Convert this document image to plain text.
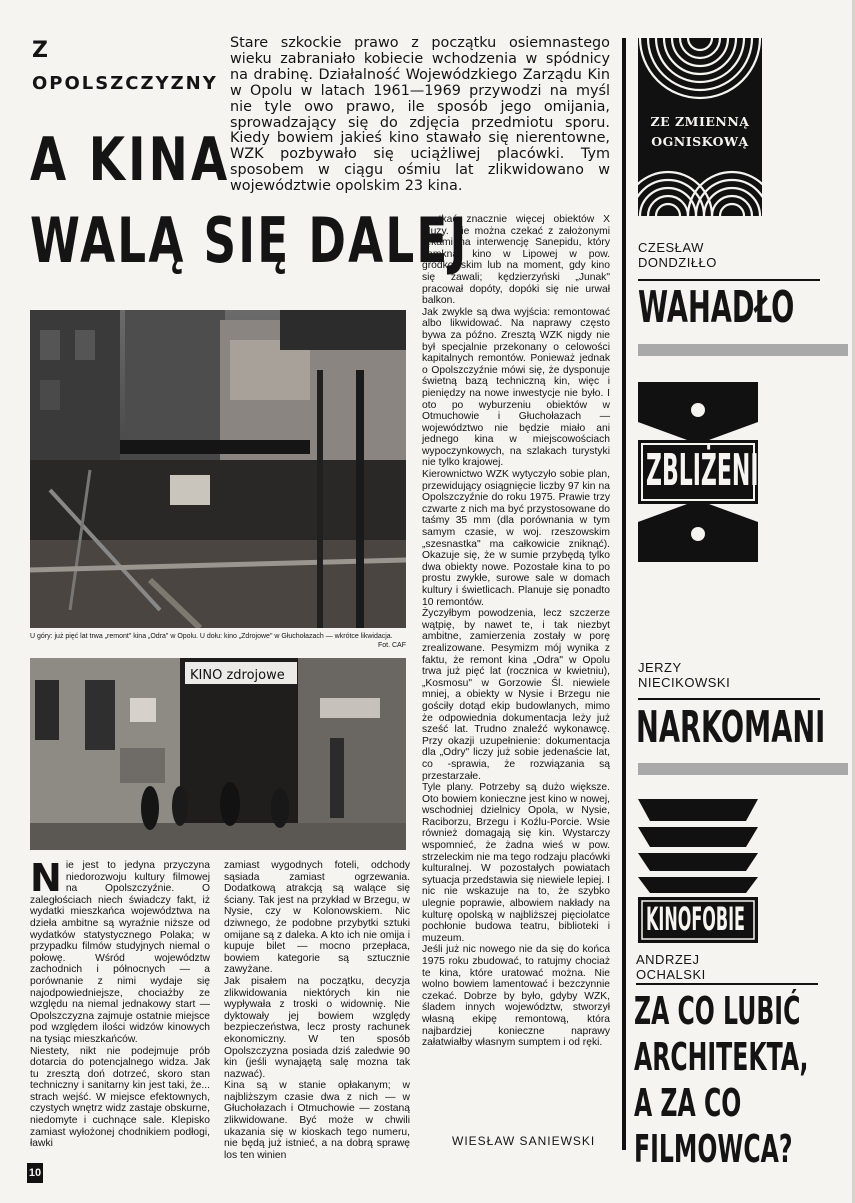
Z
OPOLSZCZYZNY
A KINA
WALĄ SIĘ DALEJ
Stare szkockie prawo z początku osiemnastego wieku zabraniało kobiecie wchodzenia w spódnicy na drabinę. Działalność Wojewódzkiego Zarządu Kin w Opolu w latach 1961—1969 przywodzi na myśl nie tyle owo prawo, ile sposób jego omijania, sprowadzający się do zdjęcia przedmiotu sporu. Kiedy bowiem jakieś kino stawało się nierentowne, WZK pozbywało się uciążliwej placówki. Tym sposobem w ciągu ośmiu lat zlikwidowano w województwie opolskim 23 kina.
U góry: już pięć lat trwa „remont" kina „Odra" w Opolu. U dołu: kino „Zdrojowe" w Głuchołazach — wkrótce likwidacja.
Fot. CAF
KINO zdrojowe
Nie jest to jedyna przyczyna niedorozwoju kultury filmowej na Opolszczyźnie. O zaległościach niech świadczy fakt, iż wydatki mieszkańca województwa na dzieła ambitne są wyraźnie niższe od wydatków statystycznego Polaka; w przypadku filmów studyjnych niemal o połowę. Wśród województw zachodnich i północnych — a porównanie z nimi wydaje się najodpowiedniejsze, chociażby ze względu na niemal jednakowy start — Opolszczyzna zajmuje ostatnie miejsce pod względem ilości widzów kinowych na tysiąc mieszkańców.
Niestety, nikt nie podejmuje prób dotarcia do potencjalnego widza. Jak tu zresztą doń dotrzeć, skoro stan techniczny i sanitarny kin jest taki, że... strach wejść. W miejsce efektownych, czystych wnętrz widz zastaje obskurne, niedomyte i cuchnące sale. Klepisko zamiast wyłożonej chodnikiem podłogi, ławki
zamiast wygodnych foteli, odchody sąsiada zamiast ogrzewania. Dodatkową atrakcją są walące się ściany. Tak jest na przykład w Brzegu, w Nysie, czy w Kolonowskiem. Nic dziwnego, że podobne przybytki sztuki omijane są z daleka. A kto ich nie omija i kupuje bilet — mocno przepłaca, bowiem kategorie są sztucznie zawyżane.
Jak pisałem na początku, decyzja zlikwidowania niektórych kin nie wypływała z troski o widownię. Nie dyktowały jej bowiem względy bezpieczeństwa, lecz prosty rachunek ekonomiczny. W ten sposób Opolszczyzna posiada dziś zaledwie 90 kin (jeśli wynająętą salę mozna tak nazwać).
Kina są w stanie opłakanym; w najbliższym czasie dwa z nich — w Głuchołazach i Otmuchowie — zostaną zlikwidowane. Być może w chwili ukazania się w kioskach tego numeru, nie będą już istnieć, a na dobrą sprawę los ten winien
spotkać znacznie więcej obiektów X Muzy. Nie można czekać z założonymi rękami na interwencję Sanepidu, który zamknął kino w Lipowej w pow. grodkowskim lub na moment, gdy kino się zawali; kędzierzyński „Junak" pracował dopóty, dopóki się nie urwał balkon.
Jak zwykle są dwa wyjścia: remontować albo likwidować. Na naprawy często bywa za późno. Zresztą WZK nigdy nie był specjalnie przekonany o celowości kapitalnych remontów. Ponieważ jednak o Opolszczyźnie mówi się, że dysponuje świetną bazą techniczną kin, więc i pieniędzy na nowe inwestycje nie było. I oto po wyburzeniu obiektów w Otmuchowie i Głuchołazach — województwo nie będzie miało ani jednego kina w miejscowościach wypoczynkowych, na szlakach turystyki nie tylko krajowej.
Kierownictwo WZK wytyczyło sobie plan, przewidujący osiągnięcie liczby 97 kin na Opolszczyźnie do roku 1975. Prawie trzy czwarte z nich ma być przystosowane do taśmy 35 mm (dla porównania w tym samym czasie, w woj. rzeszowskim „szesnastka" ma całkowicie zniknąć). Okazuje się, że w sumie przybędą tylko dwa obiekty nowe. Pozostałe kina to po prostu zwykłe, surowe sale w domach kultury i świetlicach. Planuje się ponadto 10 remontów.
Życzyłbym powodzenia, lecz szczerze wątpię, by nawet te, i tak niezbyt ambitne, zamierzenia zostały w porę zrealizowane. Pesymizm mój wynika z faktu, że remont kina „Odra" w Opolu trwa już pięć lat (rocznica w kwietniu), „Kosmosu" w Gorzowie Śl. niewiele mniej, a obiekty w Nysie i Brzegu nie gościły dotąd ekip budowlanych, mimo że odpowiednia dokumentacja leży już sześć lat. Trudno znaleźć wykonawcę. Przy okazji uzupełnienie: dokumentacja dla „Odry" liczy już sobie jedenaście lat, co ‑sprawia, że rozwiązania są przestarzałe.
Tyle plany. Potrzeby są dużo większe. Oto bowiem konieczne jest kino w nowej, wschodniej dzielnicy Opola, w Nysie, Raciborzu, Brzegu i Koźlu-Porcie. Wsie również domagają się kin. Wystarczy wspomnieć, że żadna wieś w pow. strzeleckim nie ma tego rodzaju placówki kulturalnej. W pozostałych powiatach sytuacja przedstawia się niewiele lepiej. I nic nie wskazuje na to, że szybko ulegnie poprawie, albowiem nakłady na kulturę opolską w najbliższej pięciolatce pochłonie budowa teatru, biblioteki i muzeum.
Jeśli już nic nowego nie da się do końca 1975 roku zbudować, to ratujmy chociaż te kina, które uratować można. Nie wolno bowiem lamentować i bezczynnie czekać. Dobrze by było, gdyby WZK, śladem innych województw, stworzył własną ekipę remontową, która najbardziej konieczne naprawy załatwiałby własnym sumptem i od ręki.
WIESŁAW SANIEWSKI
10
ZE ZMIENNĄ
OGNISKOWĄ
CZESŁAW
DONDZIŁŁO
WAHADŁO
ZBLIŻENIA
JERZY
NIECIKOWSKI
NARKOMANI
KINOFOBIE
ANDRZEJ
OCHALSKI
ZA CO LUBIĆ
ARCHITEKTA,
A ZA CO
FILMOWCA?
